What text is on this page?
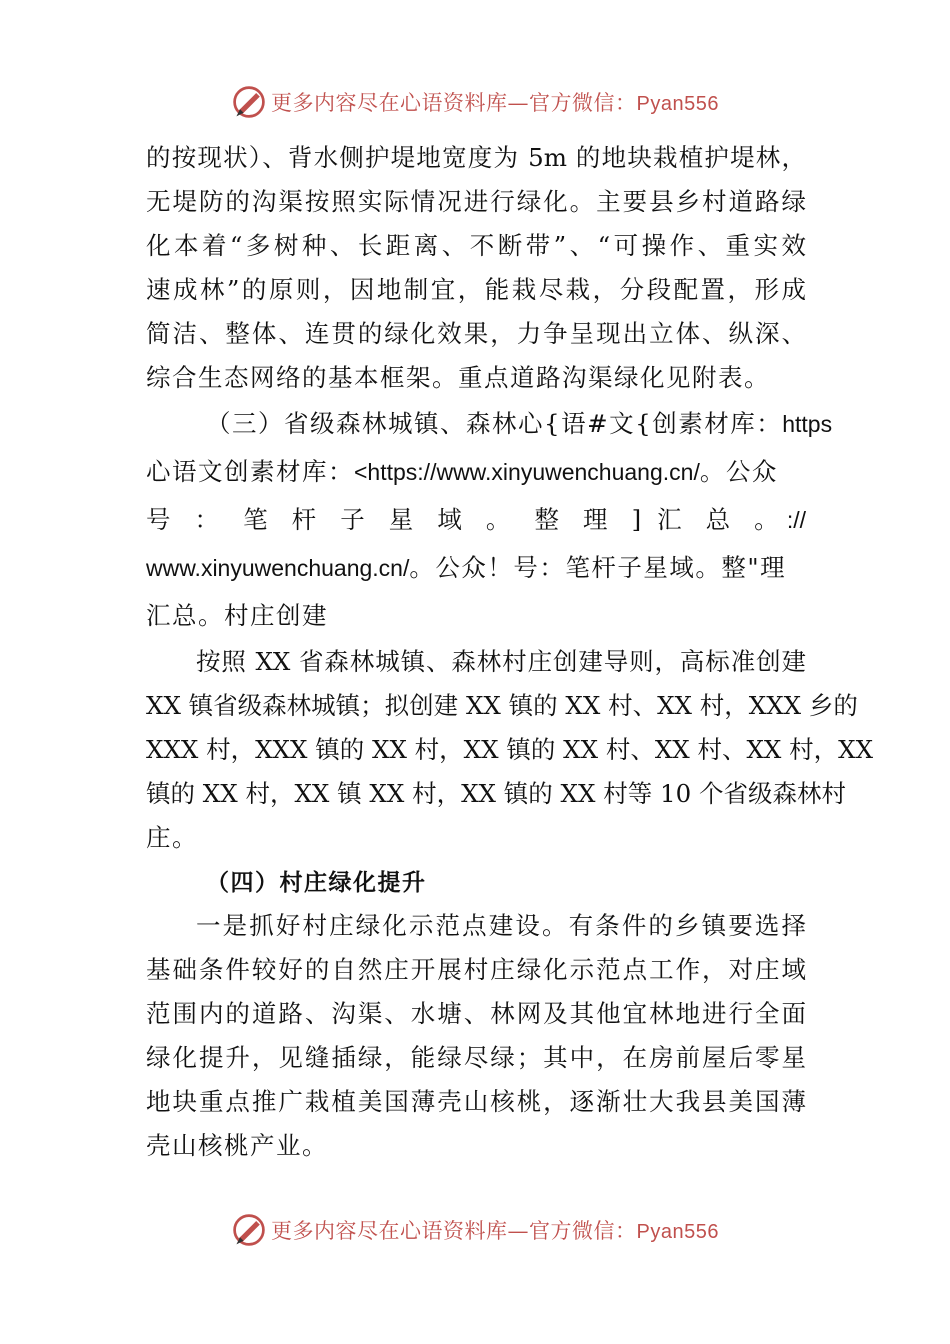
更多内容尽在心语资料库—官方微信：Pyan556
的按现状）、背水侧护堤地宽度为 5m 的地块栽植护堤林，
无堤防的沟渠按照实际情况进行绿化。主要县乡村道路绿
化本着“多树种、长距离、不断带”、“可操作、重实效
速成林”的原则，因地制宜，能栽尽栽，分段配置，形成
简洁、整体、连贯的绿化效果，力争呈现出立体、纵深、
综合生态网络的基本框架。重点道路沟渠绿化见附表。
（三）省级森林城镇、森林心{语#文{创素材库：https
心语文创素材库：<https://www.xinyuwenchuang.cn/。公众
号 ： 笔 杆 子 星 域 。 整 理 ] 汇 总 。://
www.xinyuwenchuang.cn/。公众！号：笔杆子星域。整"理
汇总。村庄创建
按照 XX 省森林城镇、森林村庄创建导则，高标准创建
XX 镇省级森林城镇；拟创建 XX 镇的 XX 村、XX 村，XXX 乡的
XXX 村，XXX 镇的 XX 村，XX 镇的 XX 村、XX 村、XX 村，XX
镇的 XX 村，XX 镇 XX 村，XX 镇的 XX 村等 10 个省级森林村
庄。
（四）村庄绿化提升
一是抓好村庄绿化示范点建设。有条件的乡镇要选择
基础条件较好的自然庄开展村庄绿化示范点工作，对庄域
范围内的道路、沟渠、水塘、林网及其他宜林地进行全面
绿化提升，见缝插绿，能绿尽绿；其中，在房前屋后零星
地块重点推广栽植美国薄壳山核桃，逐渐壮大我县美国薄
壳山核桃产业。
更多内容尽在心语资料库—官方微信：Pyan556
